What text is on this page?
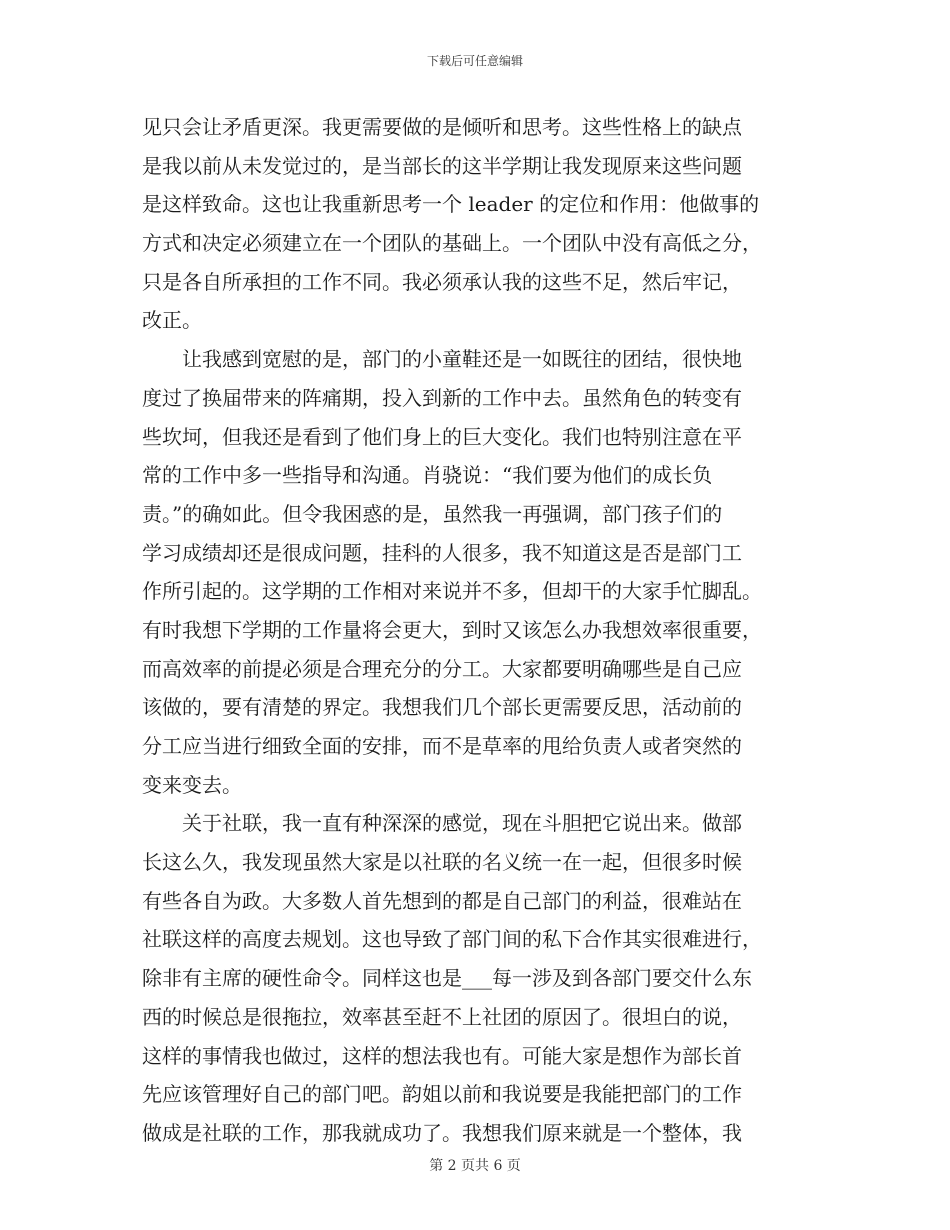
下载后可任意编辑
见只会让矛盾更深。我更需要做的是倾听和思考。这些性格上的缺点
是我以前从未发觉过的，是当部长的这半学期让我发现原来这些问题
是这样致命。这也让我重新思考一个 leader 的定位和作用：他做事的
方式和决定必须建立在一个团队的基础上。一个团队中没有高低之分，
只是各自所承担的工作不同。我必须承认我的这些不足，然后牢记，
改正。
　　让我感到宽慰的是，部门的小童鞋还是一如既往的团结，很快地
度过了换届带来的阵痛期，投入到新的工作中去。虽然角色的转变有
些坎坷，但我还是看到了他们身上的巨大变化。我们也特别注意在平
常的工作中多一些指导和沟通。肖骁说：“我们要为他们的成长负
责。”的确如此。但令我困惑的是，虽然我一再强调，部门孩子们的
学习成绩却还是很成问题，挂科的人很多，我不知道这是否是部门工
作所引起的。这学期的工作相对来说并不多，但却干的大家手忙脚乱。
有时我想下学期的工作量将会更大，到时又该怎么办我想效率很重要，
而高效率的前提必须是合理充分的分工。大家都要明确哪些是自己应
该做的，要有清楚的界定。我想我们几个部长更需要反思，活动前的
分工应当进行细致全面的安排，而不是草率的甩给负责人或者突然的
变来变去。
　　关于社联，我一直有种深深的感觉，现在斗胆把它说出来。做部
长这么久，我发现虽然大家是以社联的名义统一在一起，但很多时候
有些各自为政。大多数人首先想到的都是自己部门的利益，很难站在
社联这样的高度去规划。这也导致了部门间的私下合作其实很难进行，
除非有主席的硬性命令。同样这也是___每一涉及到各部门要交什么东
西的时候总是很拖拉，效率甚至赶不上社团的原因了。很坦白的说，
这样的事情我也做过，这样的想法我也有。可能大家是想作为部长首
先应该管理好自己的部门吧。韵姐以前和我说要是我能把部门的工作
做成是社联的工作，那我就成功了。我想我们原来就是一个整体，我
第 2 页共 6 页
